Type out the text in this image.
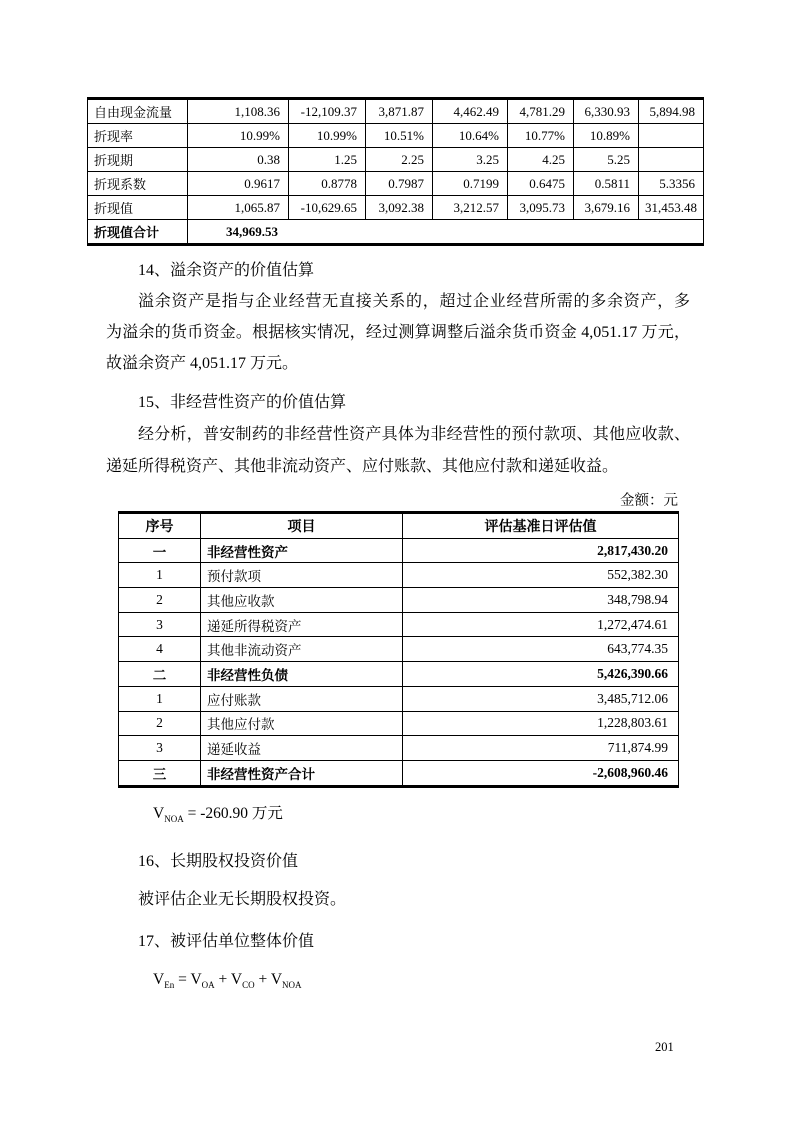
自由现金流量	1,108.36	-12,109.37	3,871.87	4,462.49	4,781.29	6,330.93	5,894.98
折现率	10.99%	10.99%	10.51%	10.64%	10.77%	10.89%	
折现期	0.38	1.25	2.25	3.25	4.25	5.25	
折现系数	0.9617	0.8778	0.7987	0.7199	0.6475	0.5811	5.3356
折现值	1,065.87	-10,629.65	3,092.38	3,212.57	3,095.73	3,679.16	31,453.48
折现值合计	34,969.53						
14、溢余资产的价值估算
溢余资产是指与企业经营无直接关系的，超过企业经营所需的多余资产，多
为溢余的货币资金。根据核实情况，经过测算调整后溢余货币资金 4,051.17 万元，
故溢余资产 4,051.17 万元。
15、非经营性资产的价值估算
经分析，普安制药的非经营性资产具体为非经营性的预付款项、其他应收款、
递延所得税资产、其他非流动资产、应付账款、其他应付款和递延收益。
金额：元
序号	项目	评估基准日评估值
一	非经营性资产	2,817,430.20
1	预付款项	552,382.30
2	其他应收款	348,798.94
3	递延所得税资产	1,272,474.61
4	其他非流动资产	643,774.35
二	非经营性负债	5,426,390.66
1	应付账款	3,485,712.06
2	其他应付款	1,228,803.61
3	递延收益	711,874.99
三	非经营性资产合计	-2,608,960.46
$V_{NOA} = -260.90$ 万元
16、长期股权投资价值
被评估企业无长期股权投资。
17、被评估单位整体价值
$V_{En} = V_{OA} + V_{CO} + V_{NOA}$
201
